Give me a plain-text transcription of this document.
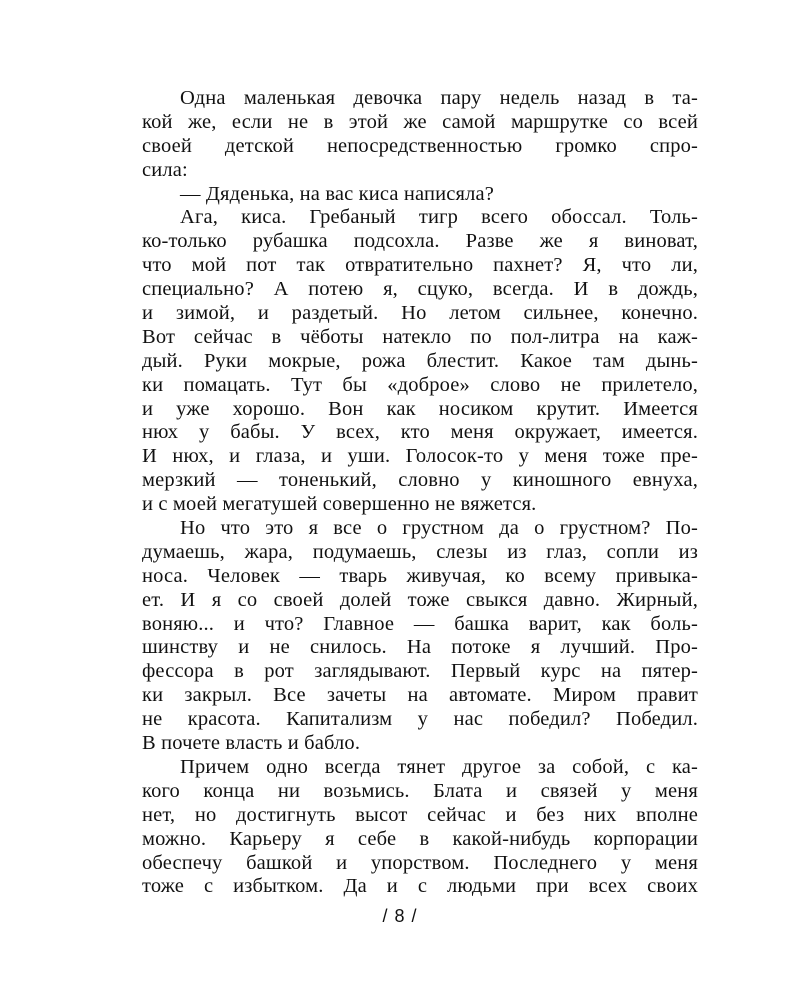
Одна маленькая девочка пару недель назад в та-
кой же, если не в этой же самой маршрутке со всей
своей детской непосредственностью громко спро-
сила:
— Дяденька, на вас киса написяла?
Ага, киса. Гребаный тигр всего обоссал. Толь-
ко-только рубашка подсохла. Разве же я виноват,
что мой пот так отвратительно пахнет? Я, что ли,
специально? А потею я, сцуко, всегда. И в дождь,
и зимой, и раздетый. Но летом сильнее, конечно.
Вот сейчас в чёботы натекло по пол-литра на каж-
дый. Руки мокрые, рожа блестит. Какое там дынь-
ки помацать. Тут бы «доброе» слово не прилетело,
и уже хорошо. Вон как носиком крутит. Имеется
нюх у бабы. У всех, кто меня окружает, имеется.
И нюх, и глаза, и уши. Голосок-то у меня тоже пре-
мерзкий — тоненький, словно у киношного евнуха,
и с моей мегатушей совершенно не вяжется.
Но что это я все о грустном да о грустном? По-
думаешь, жара, подумаешь, слезы из глаз, сопли из
носа. Человек — тварь живучая, ко всему привыка-
ет. И я со своей долей тоже свыкся давно. Жирный,
воняю... и что? Главное — башка варит, как боль-
шинству и не снилось. На потоке я лучший. Про-
фессора в рот заглядывают. Первый курс на пятер-
ки закрыл. Все зачеты на автомате. Миром правит
не красота. Капитализм у нас победил? Победил.
В почете власть и бабло.
Причем одно всегда тянет другое за собой, с ка-
кого конца ни возьмись. Блата и связей у меня
нет, но достигнуть высот сейчас и без них вполне
можно. Карьеру я себе в какой-нибудь корпорации
обеспечу башкой и упорством. Последнего у меня
тоже с избытком. Да и с людьми при всех своих
/ 8 /
